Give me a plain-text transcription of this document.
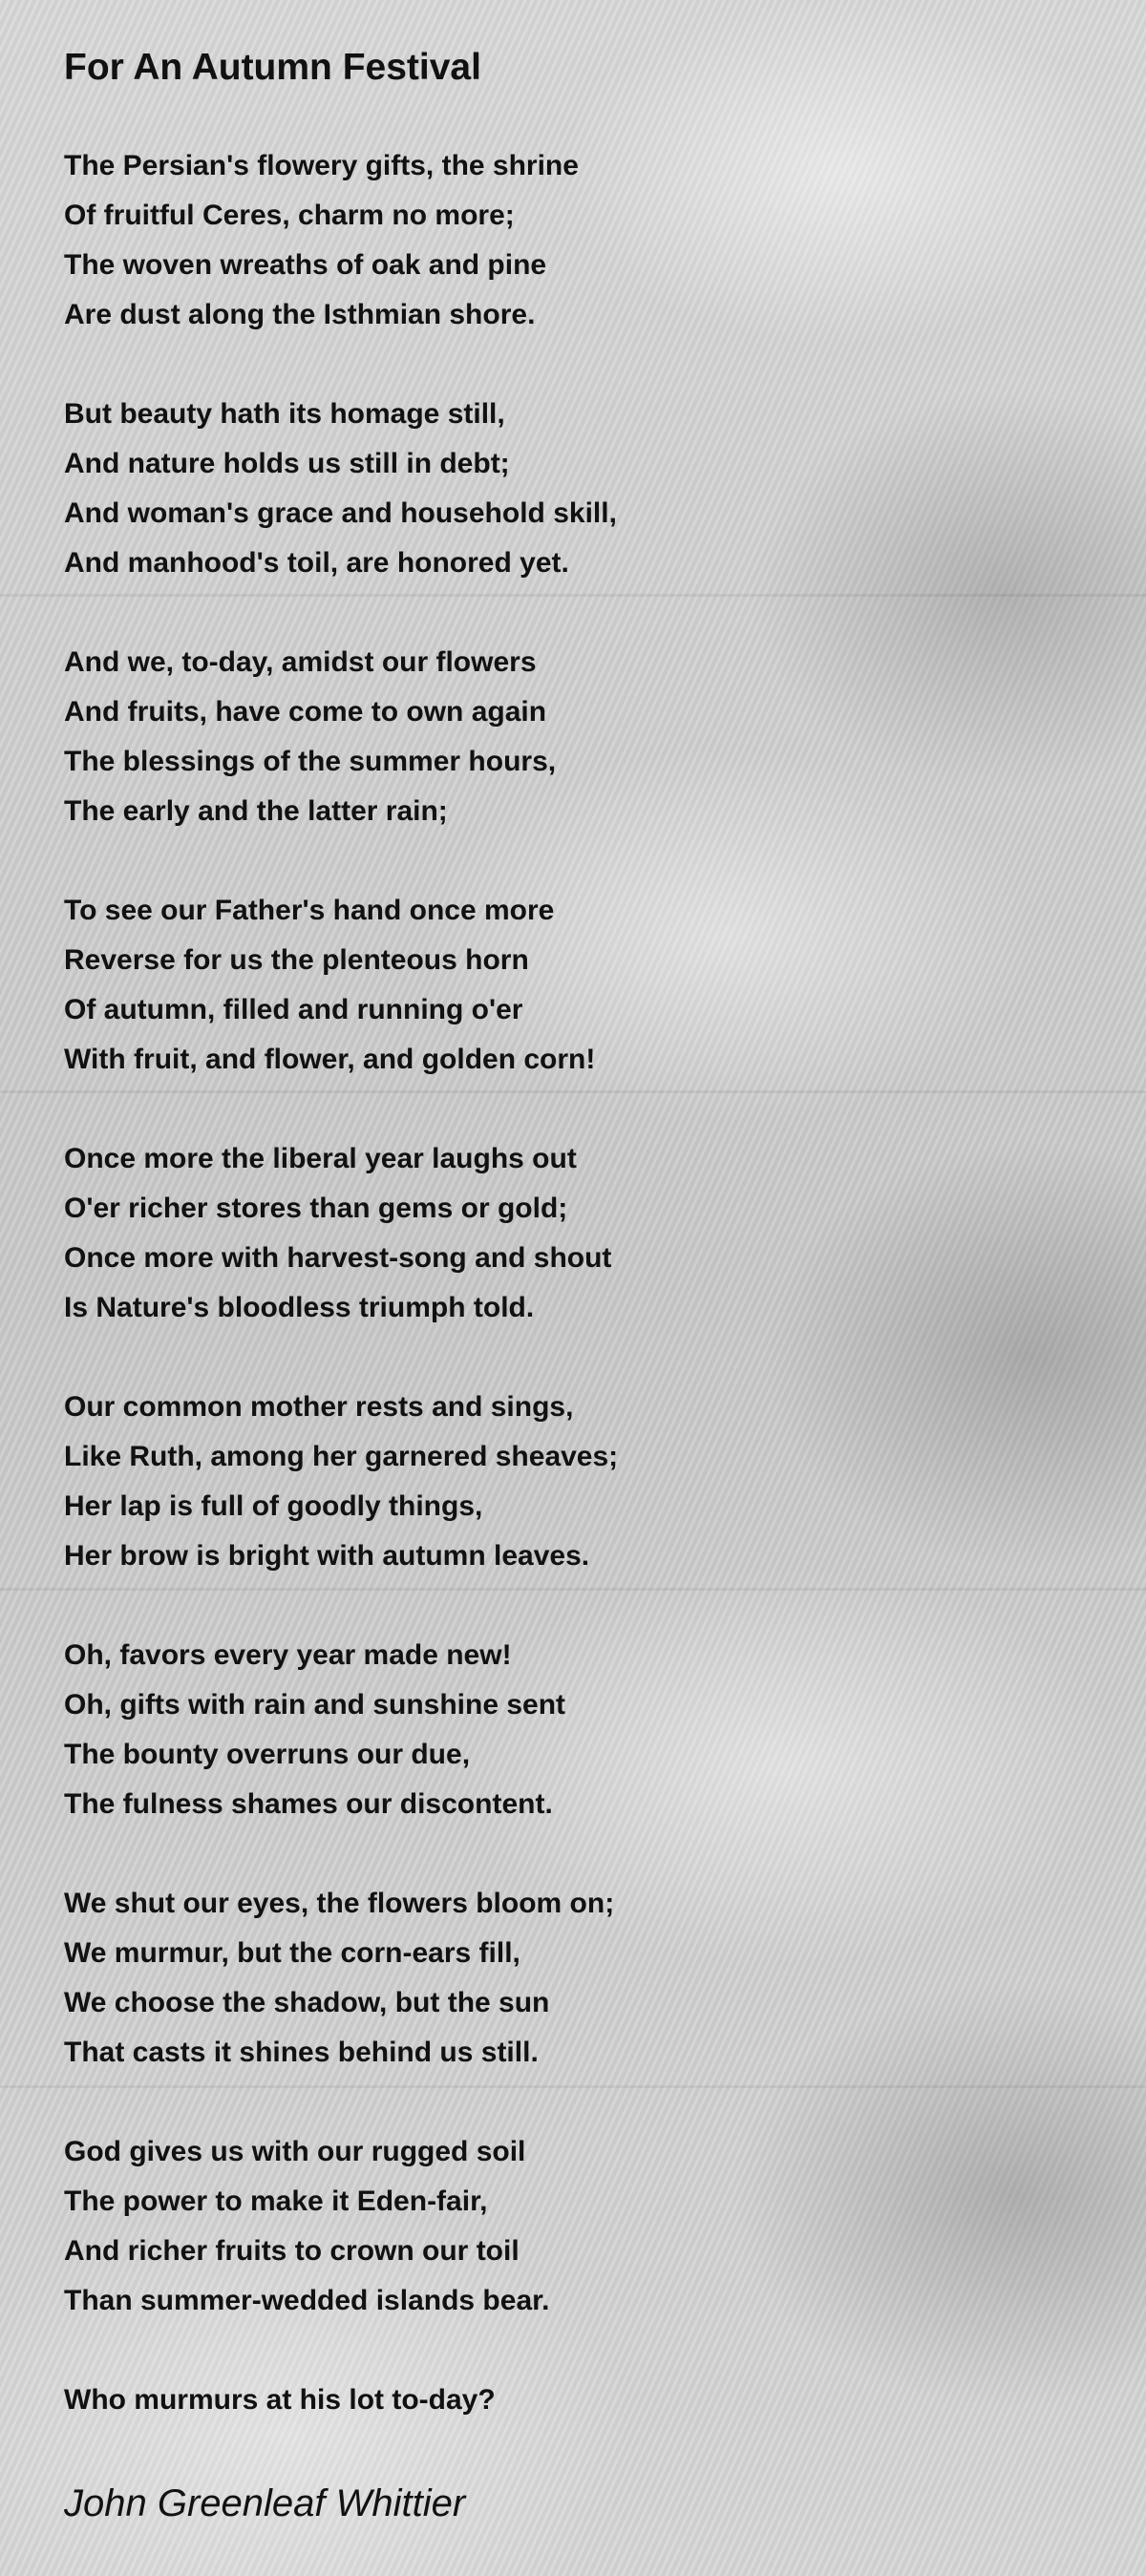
For An Autumn Festival
The Persian's flowery gifts, the shrine
Of fruitful Ceres, charm no more;
The woven wreaths of oak and pine
Are dust along the Isthmian shore.
But beauty hath its homage still,
And nature holds us still in debt;
And woman's grace and household skill,
And manhood's toil, are honored yet.
And we, to-day, amidst our flowers
And fruits, have come to own again
The blessings of the summer hours,
The early and the latter rain;
To see our Father's hand once more
Reverse for us the plenteous horn
Of autumn, filled and running o'er
With fruit, and flower, and golden corn!
Once more the liberal year laughs out
O'er richer stores than gems or gold;
Once more with harvest-song and shout
Is Nature's bloodless triumph told.
Our common mother rests and sings,
Like Ruth, among her garnered sheaves;
Her lap is full of goodly things,
Her brow is bright with autumn leaves.
Oh, favors every year made new!
Oh, gifts with rain and sunshine sent
The bounty overruns our due,
The fulness shames our discontent.
We shut our eyes, the flowers bloom on;
We murmur, but the corn-ears fill,
We choose the shadow, but the sun
That casts it shines behind us still.
God gives us with our rugged soil
The power to make it Eden-fair,
And richer fruits to crown our toil
Than summer-wedded islands bear.
Who murmurs at his lot to-day?

John Greenleaf Whittier
